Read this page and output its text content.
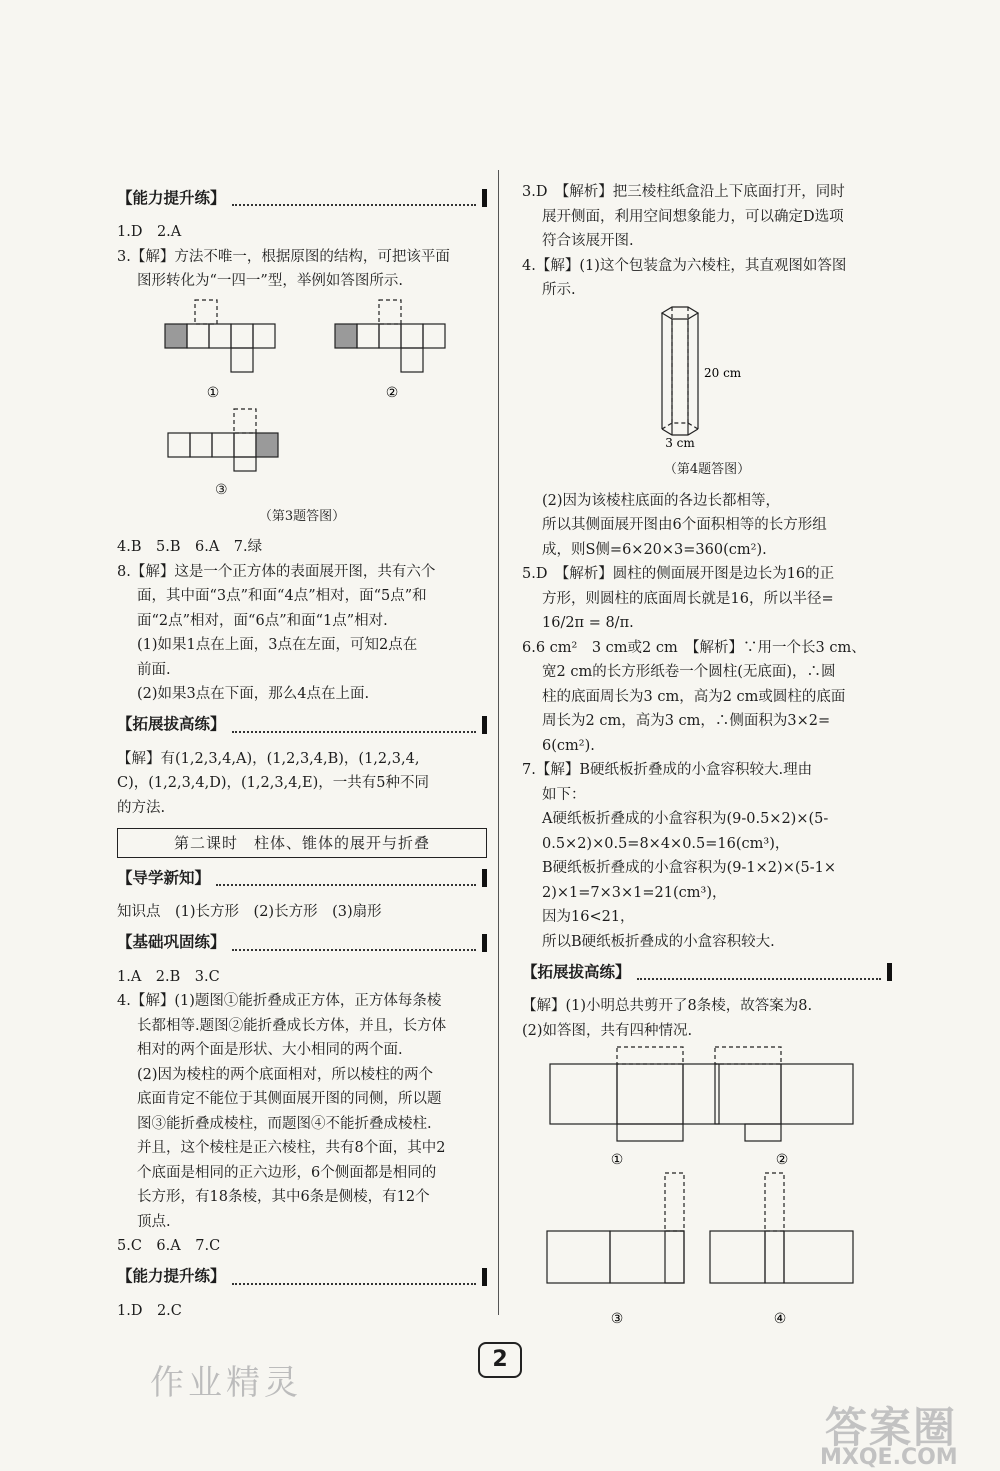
【能力提升练】

1.D　2.A

3.【解】方法不唯一，根据原图的结构，可把该平面

图形转化为“一四一”型，举例如答图所示.

①	②
③
（第3题答图）

4.B　5.B　6.A　7.绿

8.【解】这是一个正方体的表面展开图，共有六个

面，其中面“3点”和面“4点”相对，面“5点”和

面“2点”相对，面“6点”和面“1点”相对.

(1)如果1点在上面，3点在左面，可知2点在

前面.

(2)如果3点在下面，那么4点在上面.

【拓展拔高练】

【解】有(1,2,3,4,A)，(1,2,3,4,B)，(1,2,3,4,

C)，(1,2,3,4,D)，(1,2,3,4,E)，一共有5种不同

的方法.

第二课时　柱体、锥体的展开与折叠
【导学新知】

知识点　(1)长方形　(2)长方形　(3)扇形

【基础巩固练】

1.A　2.B　3.C

4.【解】(1)题图①能折叠成正方体，正方体每条棱

长都相等.题图②能折叠成长方体，并且，长方体

相对的两个面是形状、大小相同的两个面.

(2)因为棱柱的两个底面相对，所以棱柱的两个

底面肯定不能位于其侧面展开图的同侧，所以题

图③能折叠成棱柱，而题图④不能折叠成棱柱.

并且，这个棱柱是正六棱柱，共有8个面，其中2

个底面是相同的正六边形，6个侧面都是相同的

长方形，有18条棱，其中6条是侧棱，有12个

顶点.

5.C　6.A　7.C

【能力提升练】

1.D　2.C

3.D　【解析】把三棱柱纸盒沿上下底面打开，同时

展开侧面，利用空间想象能力，可以确定D选项

符合该展开图.

4.【解】(1)这个包装盒为六棱柱，其直观图如答图

所示.

20 cm
3 cm
（第4题答图）

(2)因为该棱柱底面的各边长都相等，

所以其侧面展开图由6个面积相等的长方形组

成，则S侧=6×20×3=360(cm²).

5.D　【解析】圆柱的侧面展开图是边长为16的正

方形，则圆柱的底面周长就是16，所以半径=

16/2π = 8/π.

6.6 cm²　3 cm或2 cm　【解析】∵用一个长3 cm、

宽2 cm的长方形纸卷一个圆柱(无底面)，∴圆

柱的底面周长为3 cm，高为2 cm或圆柱的底面

周长为2 cm，高为3 cm，∴侧面积为3×2=

6(cm²).

7.【解】B硬纸板折叠成的小盒容积较大.理由

如下：

A硬纸板折叠成的小盒容积为(9-0.5×2)×(5-

0.5×2)×0.5=8×4×0.5=16(cm³)，

B硬纸板折叠成的小盒容积为(9-1×2)×(5-1×

2)×1=7×3×1=21(cm³)，

因为16<21，

所以B硬纸板折叠成的小盒容积较大.

【拓展拔高练】

【解】(1)小明总共剪开了8条棱，故答案为8.

(2)如答图，共有四种情况.

①	②
③	④
2
作业精灵
答案圈
MXQE.COM
